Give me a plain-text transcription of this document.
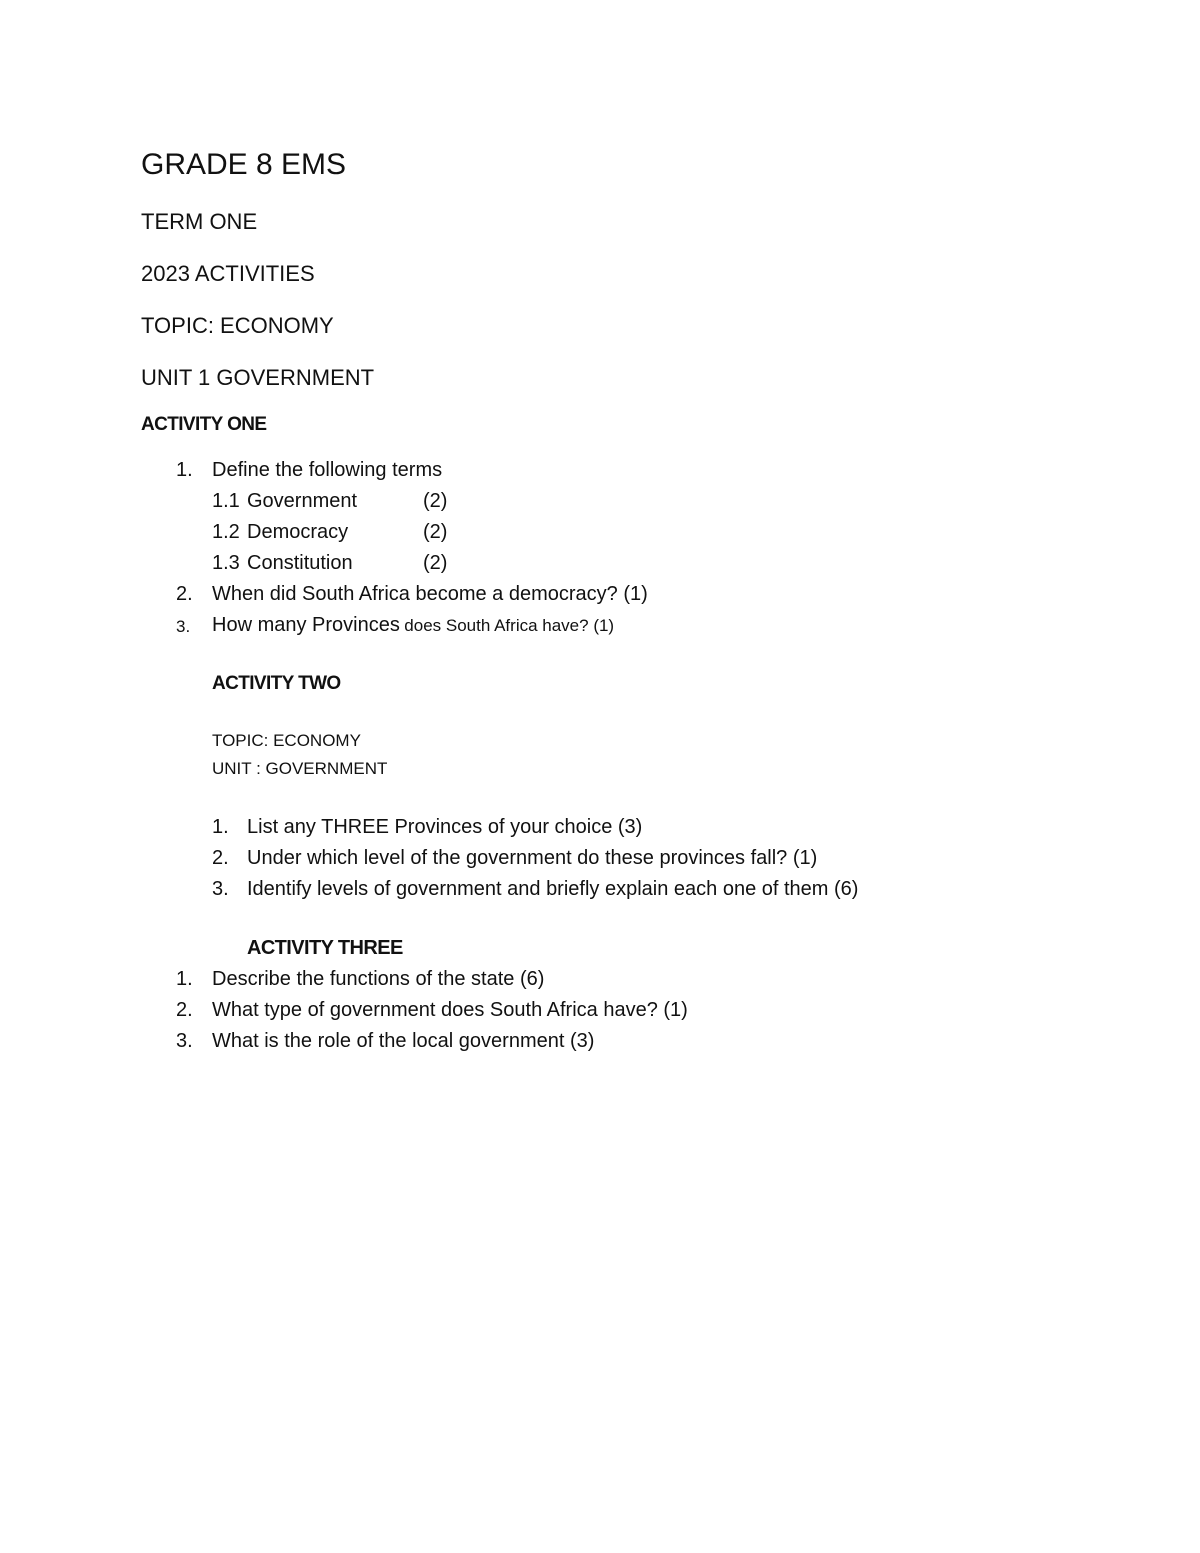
GRADE 8 EMS
TERM ONE
2023 ACTIVITIES
TOPIC: ECONOMY
UNIT 1 GOVERNMENT
ACTIVITY ONE
1. Define the following terms
1.1 Government	(2)
1.2 Democracy	(2)
1.3 Constitution	(2)
2. When did South Africa become a democracy? (1)
3. How many Provinces does South Africa have? (1)
ACTIVITY TWO
TOPIC: ECONOMY
UNIT : GOVERNMENT
1. List any THREE Provinces of your choice (3)
2. Under which level of the government do these provinces fall? (1)
3. Identify levels of government and briefly explain each one of them (6)
ACTIVITY THREE
1. Describe the functions of the state (6)
2. What type of government does South Africa have? (1)
3. What is the role of the local government (3)
